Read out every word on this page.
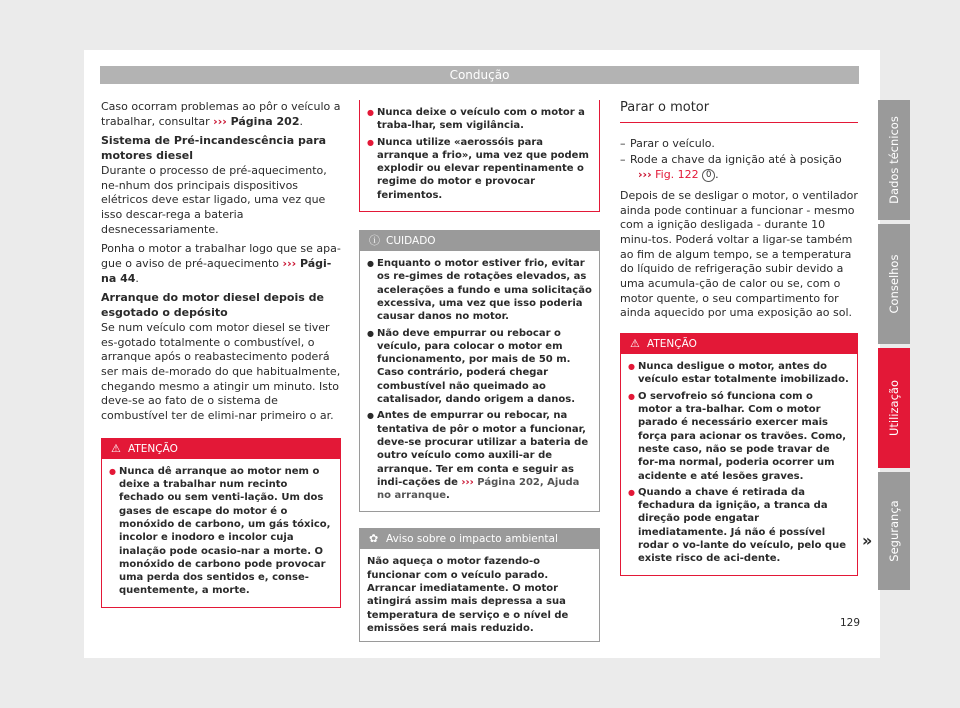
Condução

Caso ocorram problemas ao pôr o veículo a trabalhar, consultar ››› Página 202.

Sistema de Pré-incandescência para motores diesel

Durante o processo de pré-aquecimento, ne-nhum dos principais dispositivos elétricos deve estar ligado, uma vez que isso descar-rega a bateria desnecessariamente.

Ponha o motor a trabalhar logo que se apa-gue o aviso de pré-aquecimento ››› Pági-na 44.

Arranque do motor diesel depois de esgotado o depósito

Se num veículo com motor diesel se tiver es-gotado totalmente o combustível, o arranque após o reabastecimento poderá ser mais de-morado do que habitualmente, chegando mesmo a atingir um minuto. Isto deve-se ao fato de o sistema de combustível ter de elimi-nar primeiro o ar.

⚠ ATENÇÃO
● Nunca dê arranque ao motor nem o deixe a trabalhar num recinto fechado ou sem venti-lação. Um dos gases de escape do motor é o monóxido de carbono, um gás tóxico, incolor e inodoro e incolor cuja inalação pode ocasio-nar a morte. O monóxido de carbono pode provocar uma perda dos sentidos e, conse-quentemente, a morte.
● Nunca deixe o veículo com o motor a traba-lhar, sem vigilância.
● Nunca utilize «aerossóis para arranque a frio», uma vez que podem explodir ou elevar repentinamente o regime do motor e provocar ferimentos.
ⓘ CUIDADO
● Enquanto o motor estiver frio, evitar os re-gimes de rotações elevados, as acelerações a fundo e uma solicitação excessiva, uma vez que isso poderia causar danos no motor.
● Não deve empurrar ou rebocar o veículo, para colocar o motor em funcionamento, por mais de 50 m. Caso contrário, poderá chegar combustível não queimado ao catalisador, dando origem a danos.
● Antes de empurrar ou rebocar, na tentativa de pôr o motor a funcionar, deve-se procurar utilizar a bateria de outro veículo como auxili-ar de arranque. Ter em conta e seguir as indi-cações de ››› Página 202, Ajuda no arranque.
✿ Aviso sobre o impacto ambiental
Não aqueça o motor fazendo-o funcionar com o veículo parado. Arrancar imediatamente. O motor atingirá assim mais depressa a sua temperatura de serviço e o nível de emissões será mais reduzido.
Parar o motor
– Parar o veículo.
– Rode a chave da ignição até à posição
››› Fig. 122 0 .

Depois de se desligar o motor, o ventilador ainda pode continuar a funcionar - mesmo com a ignição desligada - durante 10 minu-tos. Poderá voltar a ligar-se também ao fim de algum tempo, se a temperatura do líquido de refrigeração subir devido a uma acumula-ção de calor ou se, com o motor quente, o seu compartimento for ainda aquecido por uma exposição ao sol.

⚠ ATENÇÃO
● Nunca desligue o motor, antes do veículo estar totalmente imobilizado.
● O servofreio só funciona com o motor a tra-balhar. Com o motor parado é necessário exercer mais força para acionar os travões. Como, neste caso, não se pode travar de for-ma normal, poderia ocorrer um acidente e até lesões graves.
● Quando a chave é retirada da fechadura da ignição, a tranca da direção pode engatar imediatamente. Já não é possível rodar o vo-lante do veículo, pelo que existe risco de aci-dente.
»
Dados técnicos
Conselhos
Utilização
Segurança
129
